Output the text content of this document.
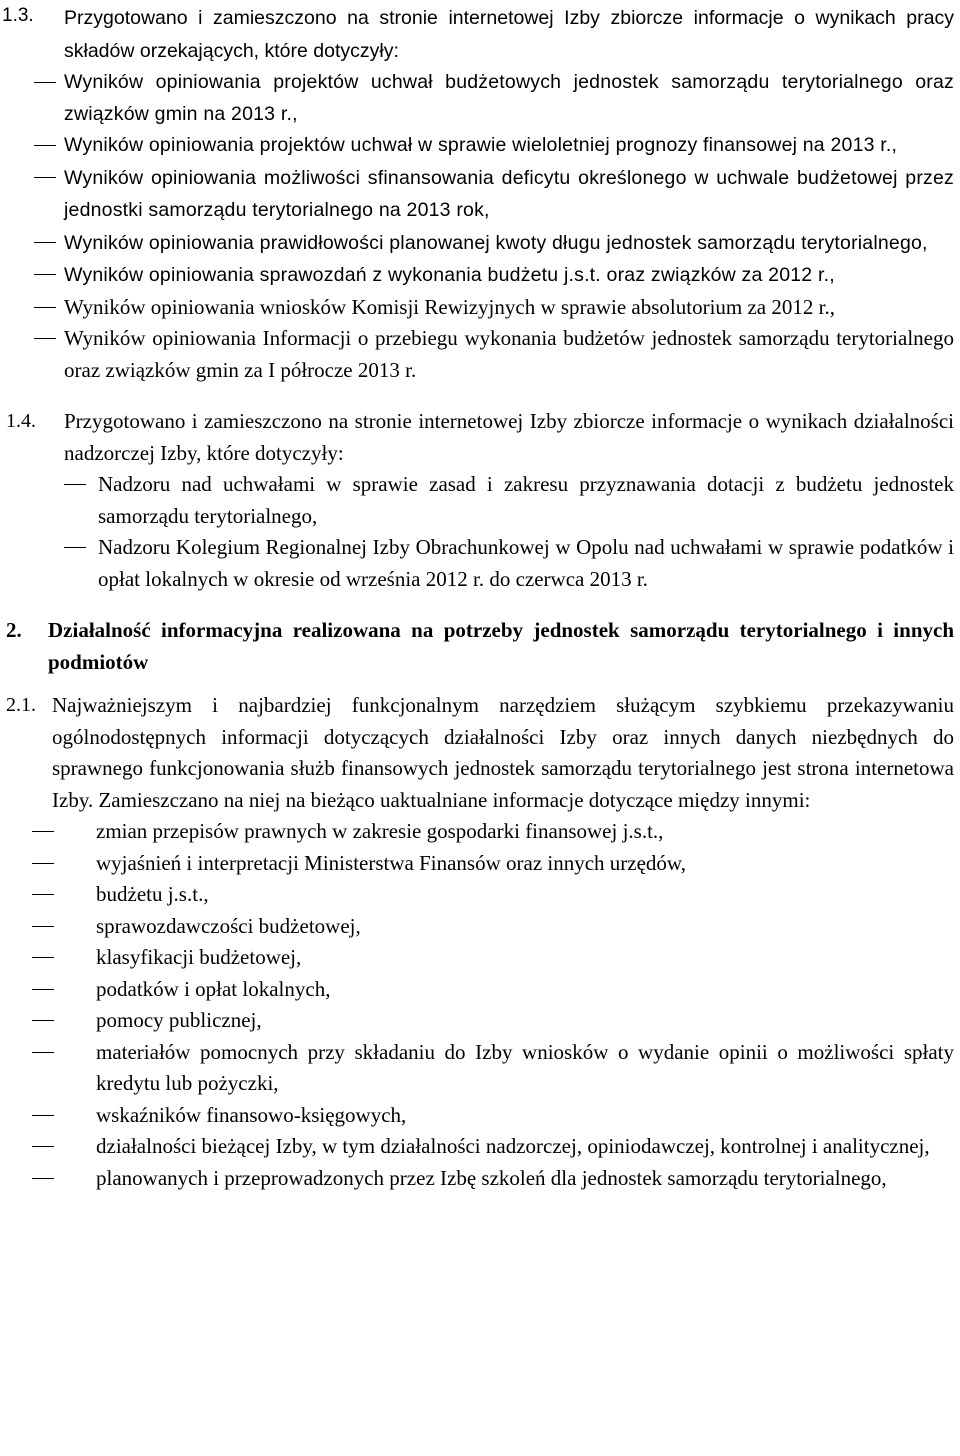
1.3. Przygotowano i zamieszczono na stronie internetowej Izby zbiorcze informacje o wynikach pracy składów orzekających, które dotyczyły:
Wyników opiniowania projektów uchwał budżetowych jednostek samorządu terytorialnego oraz związków gmin na 2013 r.,
Wyników opiniowania projektów uchwał w sprawie wieloletniej prognozy finansowej na 2013 r.,
Wyników opiniowania możliwości sfinansowania deficytu określonego w uchwale budżetowej przez jednostki samorządu terytorialnego na 2013 rok,
Wyników opiniowania prawidłowości planowanej kwoty długu jednostek samorządu terytorialnego,
Wyników opiniowania sprawozdań z wykonania budżetu j.s.t. oraz związków za 2012 r.,
Wyników opiniowania wniosków Komisji Rewizyjnych w sprawie absolutorium za 2012 r.,
Wyników opiniowania Informacji o przebiegu wykonania budżetów jednostek samorządu terytorialnego oraz związków gmin za I półrocze 2013 r.
1.4. Przygotowano i zamieszczono na stronie internetowej Izby zbiorcze informacje o wynikach działalności nadzorczej Izby, które dotyczyły:
Nadzoru nad uchwałami w sprawie zasad i zakresu przyznawania dotacji z budżetu jednostek samorządu terytorialnego,
Nadzoru Kolegium Regionalnej Izby Obrachunkowej w Opolu nad uchwałami w sprawie podatków i opłat lokalnych w okresie od września 2012 r. do czerwca 2013 r.
2. Działalność informacyjna realizowana na potrzeby jednostek samorządu terytorialnego i innych podmiotów
2.1. Najważniejszym i najbardziej funkcjonalnym narzędziem służącym szybkiemu przekazywaniu ogólnodostępnych informacji dotyczących działalności Izby oraz innych danych niezbędnych do sprawnego funkcjonowania służb finansowych jednostek samorządu terytorialnego jest strona internetowa Izby. Zamieszczano na niej na bieżąco uaktualniane informacje dotyczące między innymi:
zmian przepisów prawnych w zakresie gospodarki finansowej j.s.t.,
wyjaśnień i interpretacji Ministerstwa Finansów oraz innych urzędów,
budżetu j.s.t.,
sprawozdawczości budżetowej,
klasyfikacji budżetowej,
podatków i opłat lokalnych,
pomocy publicznej,
materiałów pomocnych przy składaniu do Izby wniosków o wydanie opinii o możliwości spłaty kredytu lub pożyczki,
wskaźników finansowo-księgowych,
działalności bieżącej Izby, w tym działalności nadzorczej, opiniodawczej, kontrolnej i analitycznej,
planowanych i przeprowadzonych przez Izbę szkoleń dla jednostek samorządu terytorialnego,
